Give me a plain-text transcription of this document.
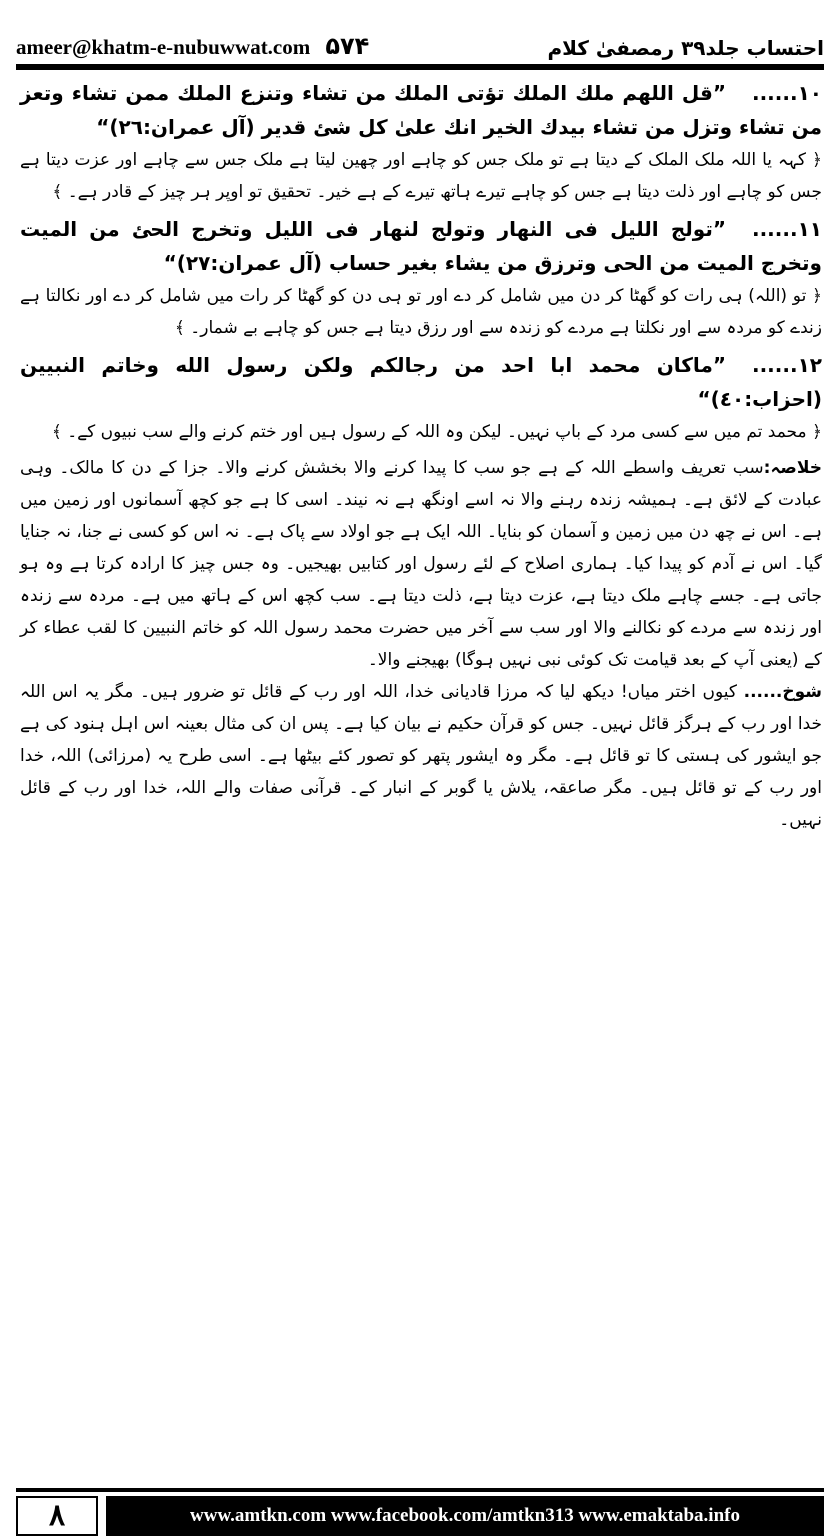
ameer@khatm-e-nubuwwat.com ۵۷۴	احتساب جلد۳۹ رمصفیٰ کلام

۱۰......”قل اللهم ملك الملك تؤتى الملك من تشاء وتنزع الملك ممن تشاء وتعز من تشاء وتزل من تشاء بيدك الخير انك علىٰ كل شئ قدير (آل عمران:٢٦)“

﴿ کہہ یا اللہ ملک الملک کے دیتا ہے تو ملک جس کو چاہے اور چھین لیتا ہے ملک جس سے چاہے اور عزت دیتا ہے جس کو چاہے اور ذلت دیتا ہے جس کو چاہے تیرے ہاتھ تیرے کے ہے خیر۔ تحقیق تو اوپر ہر چیز کے قادر ہے۔ ﴾

۱۱......”تولج الليل فى النهار وتولج لنهار فى الليل وتخرج الحئ من الميت وتخرج الميت من الحى وترزق من يشاء بغير حساب (آل عمران:٢٧)“

﴿ تو (اللہ) ہی رات کو گھٹا کر دن میں شامل کر دے اور تو ہی دن کو گھٹا کر رات میں شامل کر دے اور نکالتا ہے زندے کو مردہ سے اور نکلتا ہے مردے کو زندہ سے اور رزق دیتا ہے جس کو چاہے بے شمار۔ ﴾

۱۲......”ماكان محمد ابا احد من رجالكم ولكن رسول الله وخاتم النبيين (احزاب:٤٠)“

﴿ محمد تم میں سے کسی مرد کے باپ نہیں۔ لیکن وہ اللہ کے رسول ہیں اور ختم کرنے والے سب نبیوں کے۔ ﴾

خلاصہ:سب تعریف واسطے اللہ کے ہے جو سب کا پیدا کرنے والا بخشش کرنے والا۔ جزا کے دن کا مالک۔ وہی عبادت کے لائق ہے۔ ہمیشہ زندہ رہنے والا نہ اسے اونگھ ہے نہ نیند۔ اسی کا ہے جو کچھ آسمانوں اور زمین میں ہے۔ اس نے چھ دن میں زمین و آسمان کو بنایا۔ اللہ ایک ہے جو اولاد سے پاک ہے۔ نہ اس کو کسی نے جنا، نہ جنایا گیا۔ اس نے آدم کو پیدا کیا۔ ہماری اصلاح کے لئے رسول اور کتابیں بھیجیں۔ وہ جس چیز کا ارادہ کرتا ہے وہ ہو جاتی ہے۔ جسے چاہے ملک دیتا ہے، عزت دیتا ہے، ذلت دیتا ہے۔ سب کچھ اس کے ہاتھ میں ہے۔ مردہ سے زندہ اور زندہ سے مردے کو نکالنے والا اور سب سے آخر میں حضرت محمد رسول اللہ کو خاتم النبیین کا لقب عطاء کر کے (یعنی آپ کے بعد قیامت تک کوئی نبی نہیں ہوگا) بھیجنے والا۔

شوخ...... کیوں اختر میاں! دیکھ لیا کہ مرزا قادیانی خدا، اللہ اور رب کے قائل تو ضرور ہیں۔ مگر یہ اس اللہ خدا اور رب کے ہرگز قائل نہیں۔ جس کو قرآن حکیم نے بیان کیا ہے۔ پس ان کی مثال بعینہ اس اہل ہنود کی ہے جو ایشور کی ہستی کا تو قائل ہے۔ مگر وہ ایشور پتھر کو تصور کئے بیٹھا ہے۔ اسی طرح یہ (مرزائی) اللہ، خدا اور رب کے تو قائل ہیں۔ مگر صاعقہ، یلاش یا گوبر کے انبار کے۔ قرآنی صفات والے اللہ، خدا اور رب کے قائل نہیں۔

۸	www.amtkn.com www.facebook.com/amtkn313 www.emaktaba.info
